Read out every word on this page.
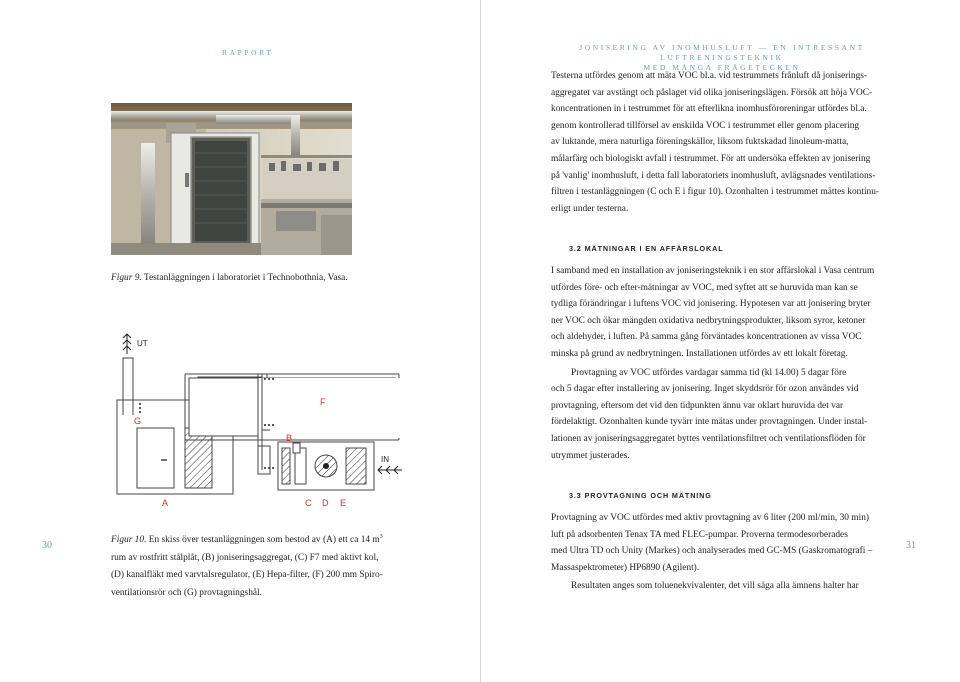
RAPPORT
Figur 9. Testanläggningen i laboratoriet i Technobothnia, Vasa.
UT
G
F
B
IN
A	C D E

Figur 10. En skiss över testanläggningen som bestod av (A) ett ca 14 $m^3$

rum av rostfritt stålplåt, (B) joniseringsaggregat, (C) F7 med aktivt kol,

(D) kanalfläkt med varvtalsregulator, (E) Hepa-filter, (F) 200 mm Spiro-

ventilationsrör och (G) provtagningshål.

30
JONISERING AV INOMHUSLUFT — EN INTRESSANT LUFTRENINGSTEKNIK
MED MÅNGA FRÅGETECKEN

Testerna utfördes genom att mäta VOC bl.a. vid testrummets frånluft då joniserings-

aggregatet var avstängt och påslaget vid olika joniseringslägen. Försök att höja VOC-

koncentrationen in i testrummet för att efterlikna inomhusföroreningar utfördes bl.a.

genom kontrollerad tillförsel av enskilda VOC i testrummet eller genom placering

av luktande, mera naturliga föreningskällor, liksom fuktskadad linoleum-matta,

målarfärg och biologiskt avfall i testrummet. För att undersöka effekten av jonisering

på 'vanlig' inomhusluft, i detta fall laboratoriets inomhusluft, avlägsnades ventilations-

filtren i testanläggningen (C och E i figur 10). Ozonhalten i testrummet mättes kontinu-

erligt under testerna.

3.2 MÄTNINGAR I EN AFFÄRSLOKAL

I samband med en installation av joniseringsteknik i en stor affärslokal i Vasa centrum

utfördes före- och efter-mätningar av VOC, med syftet att se huruvida man kan se

tydliga förändringar i luftens VOC vid jonisering. Hypotesen var att jonisering bryter

ner VOC och ökar mängden oxidativa nedbrytningsprodukter, liksom syror, ketoner

och aldehyder, i luften. På samma gång förväntades koncentrationen av vissa VOC

minska på grund av nedbrytningen. Installationen utfördes av ett lokalt företag.

Provtagning av VOC utfördes vardagar samma tid (kl 14.00) 5 dagar före

och 5 dagar efter installering av jonisering. Inget skyddsrör för ozon användes vid

provtagning, eftersom det vid den tidpunkten ännu var oklart huruvida det var

fördelaktigt. Ozonhalten kunde tyvärr inte mätas under provtagningen. Under instal-

lationen av joniseringsaggregatet byttes ventilationsfiltret och ventilationsflöden för

utrymmet justerades.

3.3 PROVTAGNING OCH MÄTNING

Provtagning av VOC utfördes med aktiv provtagning av 6 liter (200 ml/min, 30 min)

luft på adsorbenten Tenax TA med FLEC-pumpar. Proverna termodesorberades

med Ultra TD och Unity (Markes) och analyserades med GC-MS (Gaskromatografi –

Massaspektrometer) HP6890 (Agilent).

Resultaten anges som toluenekvivalenter, det vill säga alla ämnens halter har

31
